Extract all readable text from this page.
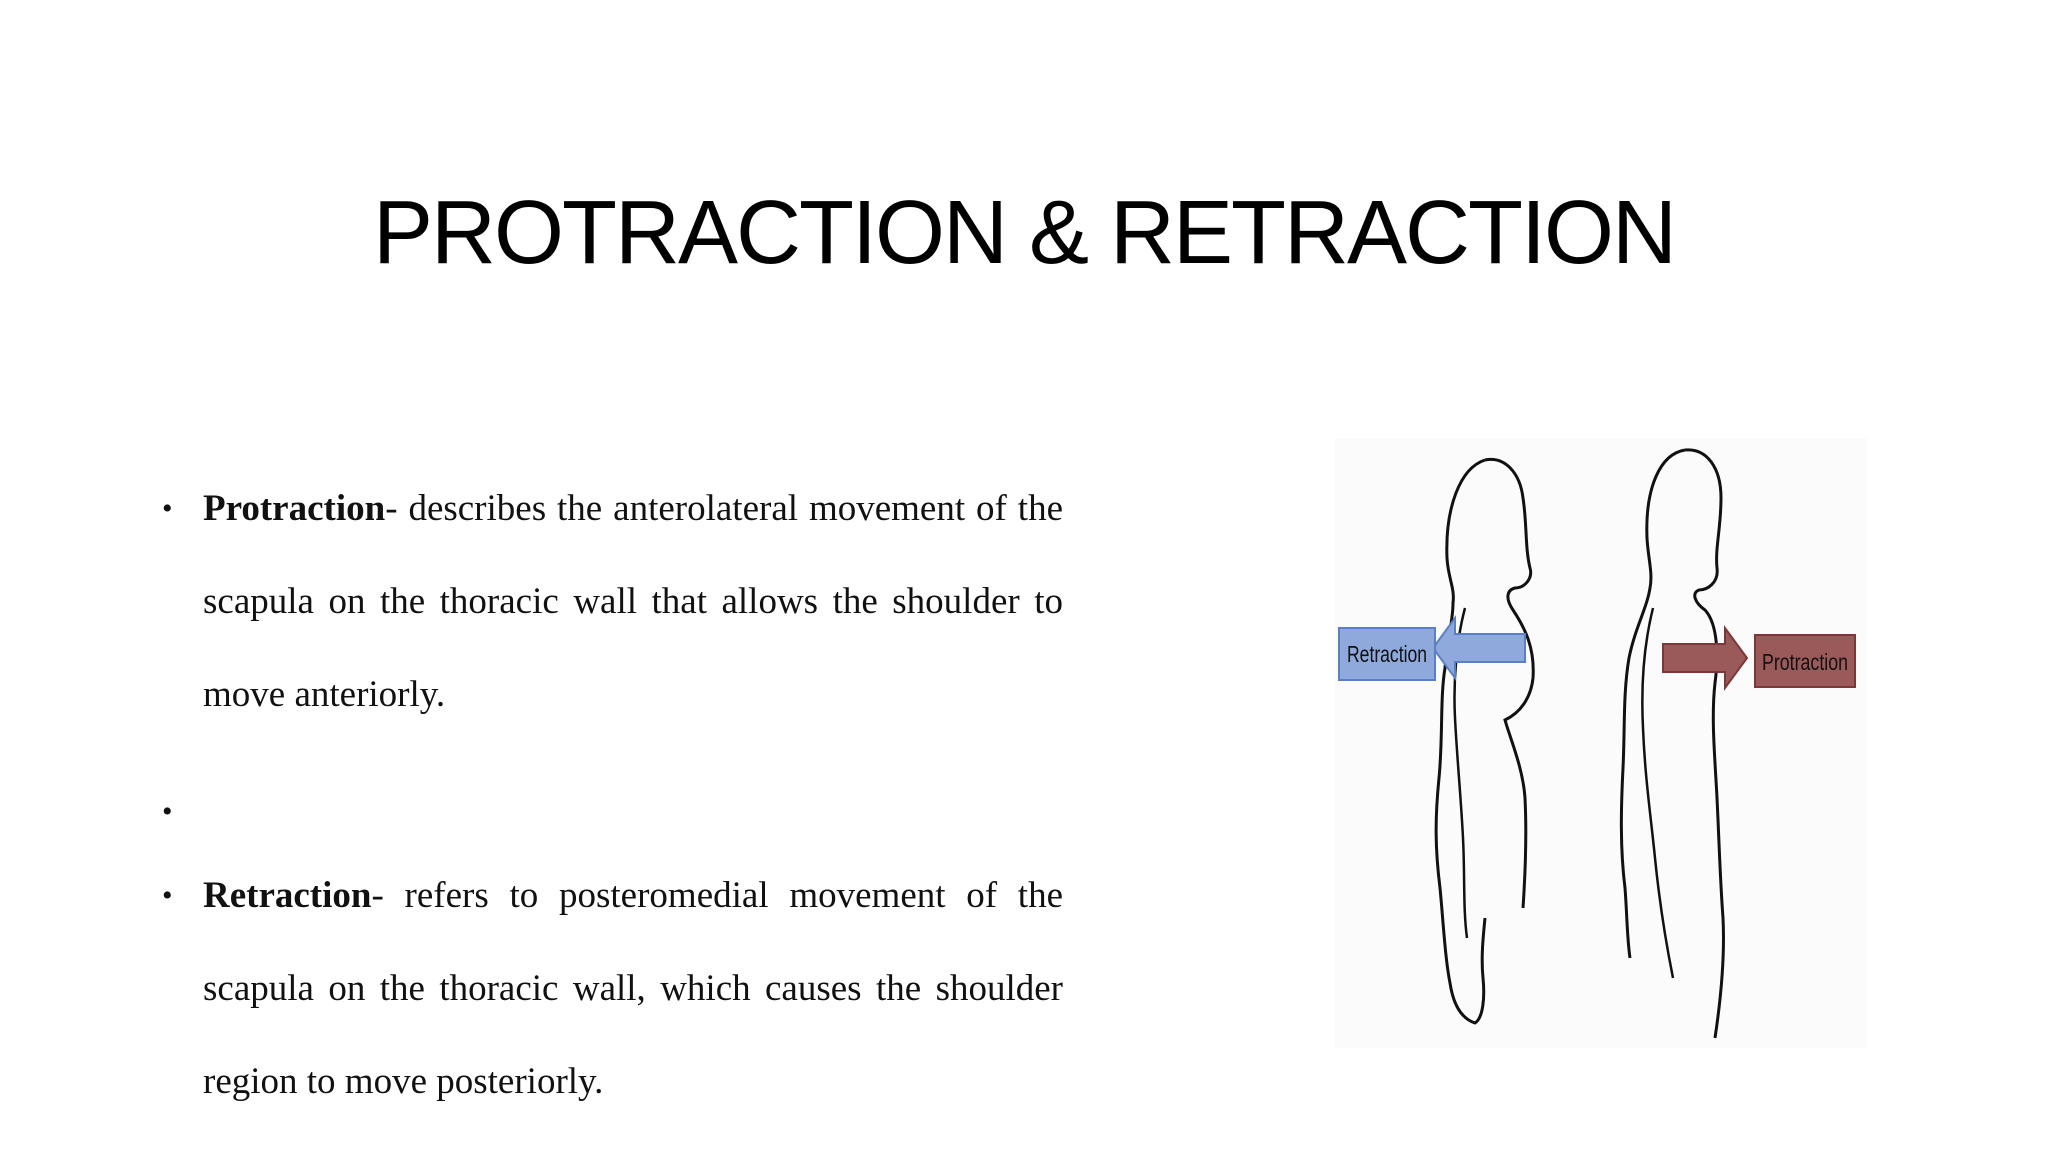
PROTRACTION & RETRACTION
• Protraction- describes the anterolateral movement of the scapula on the thoracic wall that allows the shoulder to move anteriorly.
•
• Retraction- refers to posteromedial movement of the scapula on the thoracic wall, which causes the shoulder region to move posteriorly.
Retraction	Protraction
